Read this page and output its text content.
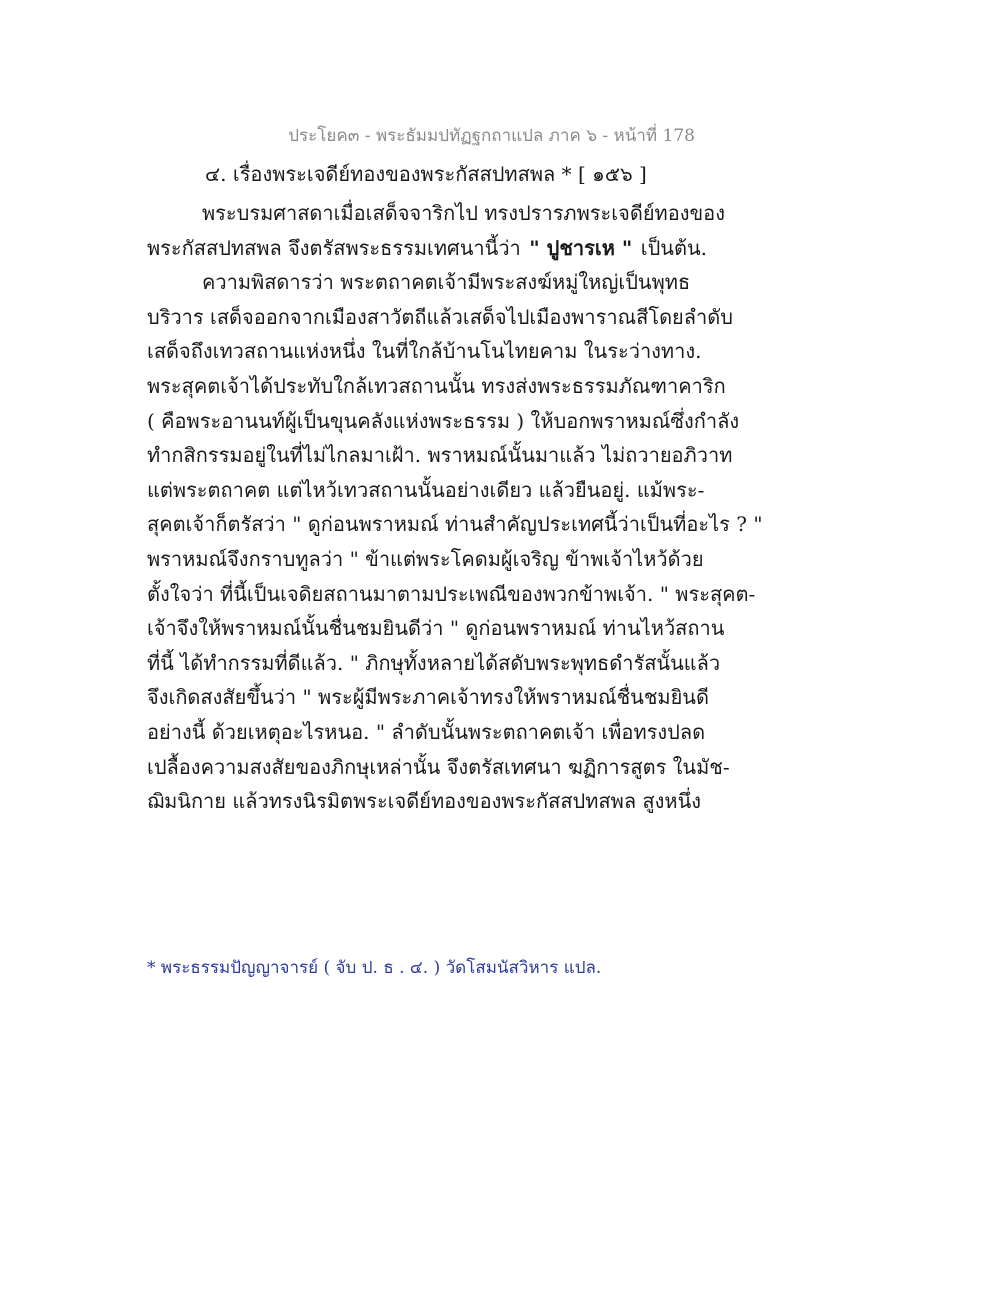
ประโยค๓ - พระธัมมปทัฏฐกถาแปล ภาค ๖ - หน้าที่ 178
๔. เรื่องพระเจดีย์ทองของพระกัสสปทสพล * [ ๑๕๖ ]
พระบรมศาสดาเมื่อเสด็จจาริกไป ทรงปรารภพระเจดีย์ทองของ
พระกัสสปทสพล จึงตรัสพระธรรมเทศนานี้ว่า " ปูชารเห " เป็นต้น.
ความพิสดารว่า พระตถาคตเจ้ามีพระสงฆ์หมู่ใหญ่เป็นพุทธ
บริวาร เสด็จออกจากเมืองสาวัตถีแล้วเสด็จไปเมืองพาราณสีโดยลำดับ
เสด็จถึงเทวสถานแห่งหนึ่ง ในที่ใกล้บ้านโนไทยคาม ในระว่างทาง.
พระสุคตเจ้าได้ประทับใกล้เทวสถานนั้น ทรงส่งพระธรรมภัณฑาคาริก
( คือพระอานนท์ผู้เป็นขุนคลังแห่งพระธรรม ) ให้บอกพราหมณ์ซึ่งกำลัง
ทำกสิกรรมอยู่ในที่ไม่ไกลมาเฝ้า. พราหมณ์นั้นมาแล้ว ไม่ถวายอภิวาท
แต่พระตถาคต แต่ไหว้เทวสถานนั้นอย่างเดียว แล้วยืนอยู่. แม้พระ-
สุคตเจ้าก็ตรัสว่า " ดูก่อนพราหมณ์ ท่านสำคัญประเทศนี้ว่าเป็นที่อะไร ? "
พราหมณ์จึงกราบทูลว่า " ข้าแต่พระโคดมผู้เจริญ ข้าพเจ้าไหว้ด้วย
ตั้งใจว่า ที่นี้เป็นเจดิยสถานมาตามประเพณีของพวกข้าพเจ้า. " พระสุคต-
เจ้าจึงให้พราหมณ์นั้นชื่นชมยินดีว่า " ดูก่อนพราหมณ์ ท่านไหว้สถาน
ที่นี้ ได้ทำกรรมที่ดีแล้ว. " ภิกษุทั้งหลายได้สดับพระพุทธดำรัสนั้นแล้ว
จึงเกิดสงสัยขึ้นว่า " พระผู้มีพระภาคเจ้าทรงให้พราหมณ์ชื่นชมยินดี
อย่างนี้ ด้วยเหตุอะไรหนอ. " ลำดับนั้นพระตถาคตเจ้า เพื่อทรงปลด
เปลื้องความสงสัยของภิกษุเหล่านั้น จึงตรัสเทศนา ฆฏิการสูตร ในมัช-
ฌิมนิกาย แล้วทรงนิรมิตพระเจดีย์ทองของพระกัสสปทสพล สูงหนึ่ง
* พระธรรมปัญญาจารย์ ( จับ ป. ธ . ๔. ) วัดโสมนัสวิหาร แปล.
